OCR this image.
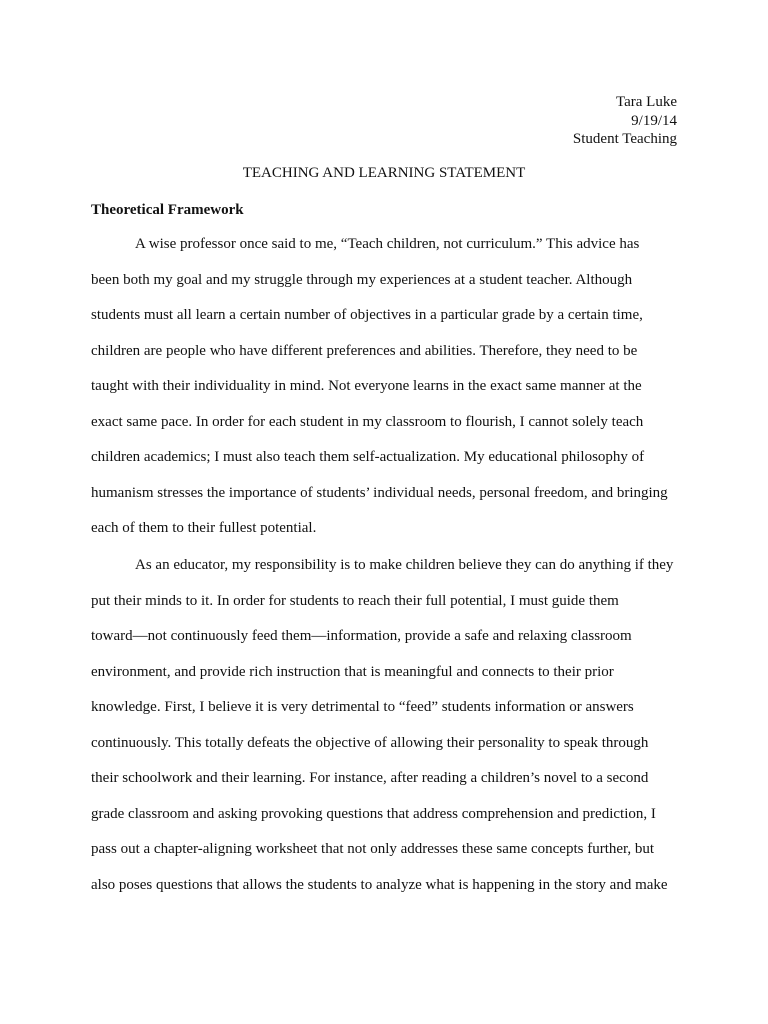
Tara Luke
9/19/14
Student Teaching
TEACHING AND LEARNING STATEMENT
Theoretical Framework

A wise professor once said to me, “Teach children, not curriculum.” This advice has
been both my goal and my struggle through my experiences at a student teacher. Although
students must all learn a certain number of objectives in a particular grade by a certain time,
children are people who have different preferences and abilities. Therefore, they need to be
taught with their individuality in mind. Not everyone learns in the exact same manner at the
exact same pace. In order for each student in my classroom to flourish, I cannot solely teach
children academics; I must also teach them self-actualization. My educational philosophy of
humanism stresses the importance of students’ individual needs, personal freedom, and bringing
each of them to their fullest potential.

As an educator, my responsibility is to make children believe they can do anything if they
put their minds to it. In order for students to reach their full potential, I must guide them
toward—not continuously feed them—information, provide a safe and relaxing classroom
environment, and provide rich instruction that is meaningful and connects to their prior
knowledge. First, I believe it is very detrimental to “feed” students information or answers
continuously. This totally defeats the objective of allowing their personality to speak through
their schoolwork and their learning. For instance, after reading a children’s novel to a second
grade classroom and asking provoking questions that address comprehension and prediction, I
pass out a chapter-aligning worksheet that not only addresses these same concepts further, but
also poses questions that allows the students to analyze what is happening in the story and make
